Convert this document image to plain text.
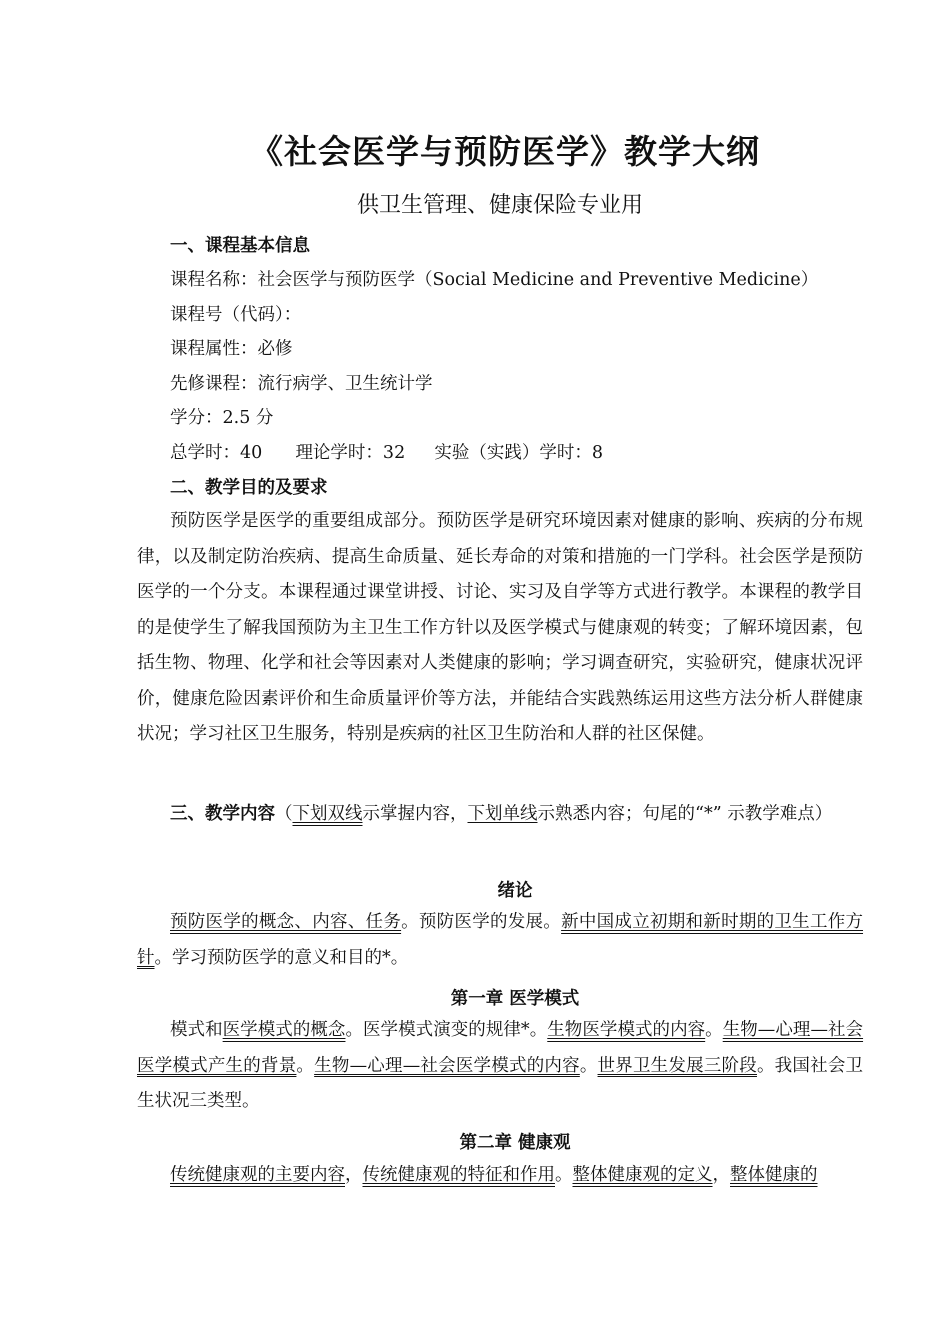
《社会医学与预防医学》教学大纲
供卫生管理、健康保险专业用
一、课程基本信息
课程名称：社会医学与预防医学（Social Medicine and Preventive Medicine）
课程号（代码）：
课程属性：必修
先修课程：流行病学、卫生统计学
学分：2.5 分
总学时：40 理论学时：32 实验（实践）学时：8
二、教学目的及要求

预防医学是医学的重要组成部分。预防医学是研究环境因素对健康的影响、疾病的分布规律，以及制定防治疾病、提高生命质量、延长寿命的对策和措施的一门学科。社会医学是预防医学的一个分支。本课程通过课堂讲授、讨论、实习及自学等方式进行教学。本课程的教学目的是使学生了解我国预防为主卫生工作方针以及医学模式与健康观的转变；了解环境因素，包括生物、物理、化学和社会等因素对人类健康的影响；学习调查研究，实验研究，健康状况评价，健康危险因素评价和生命质量评价等方法，并能结合实践熟练运用这些方法分析人群健康状况；学习社区卫生服务，特别是疾病的社区卫生防治和人群的社区保健。

三、教学内容（下划双线示掌握内容，下划单线示熟悉内容；句尾的“*” 示教学难点）

绪论

预防医学的概念、内容、任务。预防医学的发展。新中国成立初期和新时期的卫生工作方针。学习预防医学的意义和目的*。

第一章 医学模式

模式和医学模式的概念。医学模式演变的规律*。生物医学模式的内容。生物—心理—社会医学模式产生的背景。生物—心理—社会医学模式的内容。世界卫生发展三阶段。我国社会卫生状况三类型。

第二章 健康观

传统健康观的主要内容，传统健康观的特征和作用。整体健康观的定义，整体健康的
